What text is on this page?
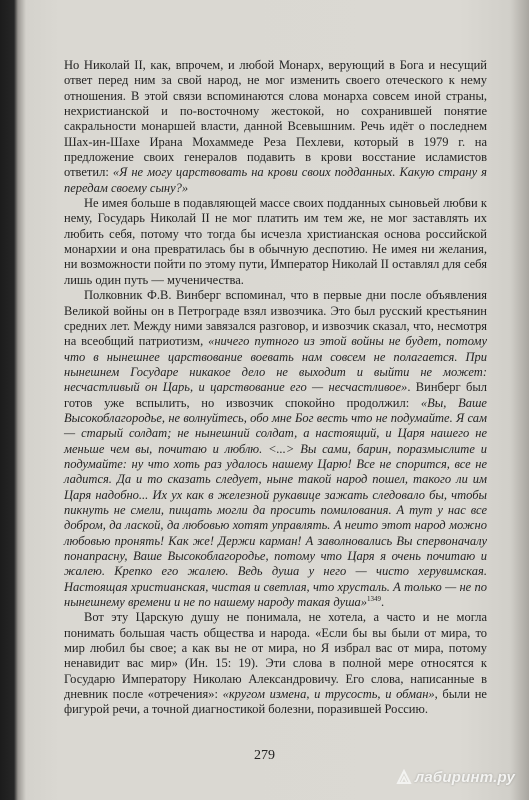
Но Николай II, как, впрочем, и любой Монарх, верующий в Бога и несущий ответ перед ним за свой народ, не мог изменить своего отеческого к нему отношения. В этой связи вспоминаются слова монарха совсем иной страны, нехристианской и по-восточному жестокой, но сохранившей понятие сакральности монаршей власти, данной Всевышним. Речь идёт о последнем Шах-ин-Шахе Ирана Мохаммеде Реза Пехлеви, который в 1979 г. на предложение своих генералов подавить в крови восстание исламистов ответил: «Я не могу царствовать на крови своих подданных. Какую страну я передам своему сыну?»

Не имея больше в подавляющей массе своих подданных сыновьей любви к нему, Государь Николай II не мог платить им тем же, не мог заставлять их любить себя, потому что тогда бы исчезла христианская основа российской монархии и она превратилась бы в обычную деспотию. Не имея ни желания, ни возможности пойти по этому пути, Император Николай II оставлял для себя лишь один путь — мученичества.

Полковник Ф.В. Винберг вспоминал, что в первые дни после объявления Великой войны он в Петрограде взял извозчика. Это был русский крестьянин средних лет. Между ними завязался разговор, и извозчик сказал, что, несмотря на всеобщий патриотизм, «ничего путного из этой войны не будет, потому что в нынешнее царствование воевать нам совсем не полагается. При нынешнем Государе никакое дело не выходит и выйти не может: несчастливый он Царь, и царствование его — несчастливое». Винберг был готов уже вспылить, но извозчик спокойно продолжил: «Вы, Ваше Высокоблагородье, не волнуйтесь, обо мне Бог весть что не подумайте. Я сам — старый солдат; не нынешний солдат, а настоящий, и Царя нашего не меньше чем вы, почитаю и люблю. <...> Вы сами, барин, поразмыслите и подумайте: ну что хоть раз удалось нашему Царю! Все не спорится, все не ладится. Да и то сказать следует, ныне такой народ пошел, такого ли им Царя надобно... Их ух как в железной рукавице зажать следовало бы, чтобы пикнуть не смели, пищать могли да просить помилования. А тут у нас все добром, да лаской, да любовью хотят управлять. А неито этот народ можно любовью пронять! Как же! Держи карман! А заволновались Вы спервоначалу понапрасну, Ваше Высокоблагородье, потому что Царя я очень почитаю и жалею. Крепко его жалею. Ведь душа у него — чисто херувимская. Настоящая христианская, чистая и светлая, что хрусталь. А только — не по нынешнему времени и не по нашему народу такая душа»$^{1349}$.

Вот эту Царскую душу не понимала, не хотела, а часто и не могла понимать большая часть общества и народа. «Если бы вы были от мира, то мир любил бы свое; а как вы не от мира, но Я избрал вас от мира, потому ненавидит вас мир» (Ин. 15: 19). Эти слова в полной мере относятся к Государю Императору Николаю Александровичу. Его слова, написанные в дневник после «отречения»: «кругом измена, и трусость, и обман», были не фигурой речи, а точной диагностикой болезни, поразившей Россию.

279
лабиринт.ру
